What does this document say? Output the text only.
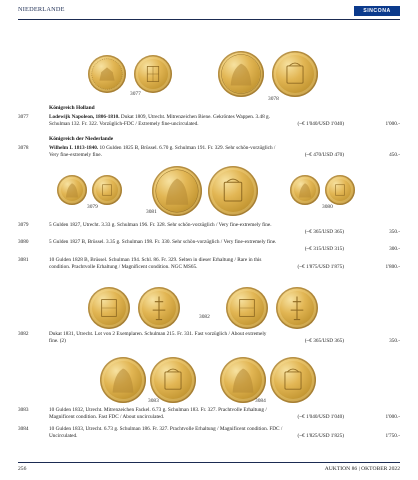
NIEDERLANDE	SINCONA
3077
3078
Königreich Holland
3077	Lodewijk Napoleon, 1806-1810. Dukat 1809, Utrecht. Mitrenzeichen Biene. Gekröntes Wappen. 3.48 g.
Schulman 132. Fr. 322. Vorzüglich-FDC / Extremely fine-uncirculated.	(~€ 1'040/USD 1'040)	1'000.-
Königreich der Niederlande
3078	Wilhelm I. 1813-1840. 10 Gulden 1825 B, Brüssel. 6.70 g. Schulman 191. Fr. 329. Sehr schön-vorzüglich /
Very fine-extremely fine.	(~€ 470/USD 470)	450.-
3079
3081
3080
3079	5 Gulden 1827, Utrecht. 3.33 g. Schulman 196. Fr. 328. Sehr schön-vorzüglich / Very fine-extremely fine.
(~€ 365/USD 365)	350.-
3080	5 Gulden 1827 B, Brüssel. 3.35 g. Schulman 198. Fr. 330. Sehr schön-vorzüglich / Very fine-extremely fine.
(~€ 315/USD 315)	300.-
3081	10 Gulden 1828 B, Brüssel. Schulman 194. Schl. 86. Fr. 329. Selten in dieser Erhaltung / Rare in this
condition. Prachtvolle Erhaltung / Magnificent condition. NGC MS65.	(~€ 1'875/USD 1'875)	1'800.-
3082
3082	Dukat 1831, Utrecht. Lot von 2 Exemplaren. Schulman 215. Fr. 331. Fast vorzüglich / About extremely
fine. (2)	(~€ 365/USD 365)	350.-
3083	3084
3083	10 Gulden 1832, Utrecht. Mitrenzeichen Fackel. 6.73 g. Schulman 183. Fr. 327. Prachtvolle Erhaltung /
Magnificent condition. Fast FDC / About uncirculated.	(~€ 1'040/USD 1'040)	1'000.-
3084	10 Gulden 1833, Utrecht. 6.73 g. Schulman 186. Fr. 327. Prachtvolle Erhaltung / Magnificent condition. FDC /
Uncirculated.	(~€ 1'825/USD 1'825)	1'750.-
256	AUKTION 86 | OKTOBER 2022
